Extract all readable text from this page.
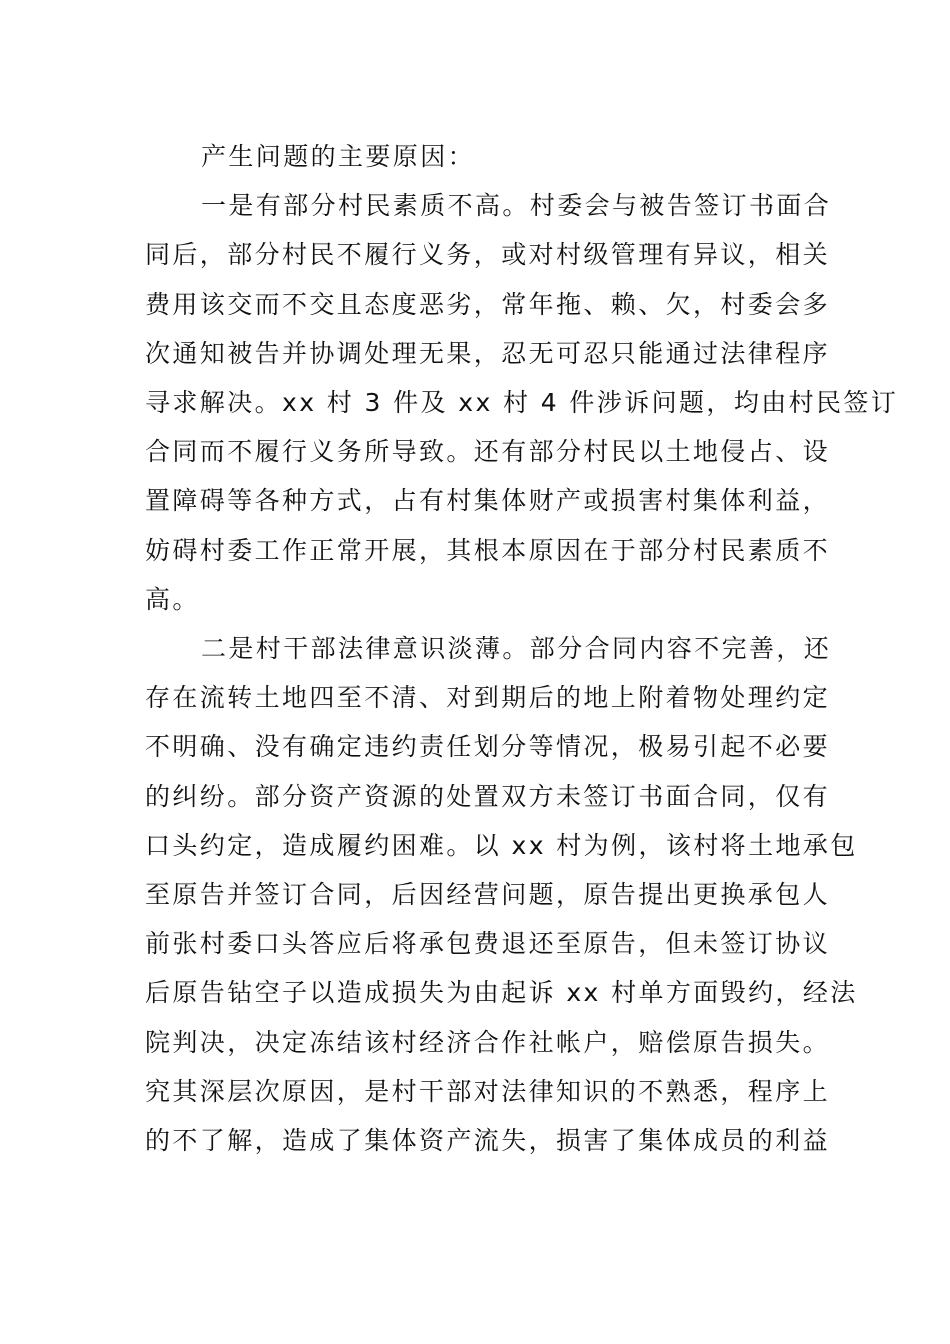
产生问题的主要原因：
一是有部分村民素质不高。村委会与被告签订书面合
同后，部分村民不履行义务，或对村级管理有异议，相关
费用该交而不交且态度恶劣，常年拖、赖、欠，村委会多
次通知被告并协调处理无果，忍无可忍只能通过法律程序
寻求解决。xx 村 3 件及 xx 村 4 件涉诉问题，均由村民签订
合同而不履行义务所导致。还有部分村民以土地侵占、设
置障碍等各种方式，占有村集体财产或损害村集体利益，
妨碍村委工作正常开展，其根本原因在于部分村民素质不
高。
二是村干部法律意识淡薄。部分合同内容不完善，还
存在流转土地四至不清、对到期后的地上附着物处理约定
不明确、没有确定违约责任划分等情况，极易引起不必要
的纠纷。部分资产资源的处置双方未签订书面合同，仅有
口头约定，造成履约困难。以 xx 村为例，该村将土地承包
至原告并签订合同，后因经营问题，原告提出更换承包人
前张村委口头答应后将承包费退还至原告，但未签订协议
后原告钻空子以造成损失为由起诉 xx 村单方面毁约，经法
院判决，决定冻结该村经济合作社帐户，赔偿原告损失。
究其深层次原因，是村干部对法律知识的不熟悉，程序上
的不了解，造成了集体资产流失，损害了集体成员的利益
